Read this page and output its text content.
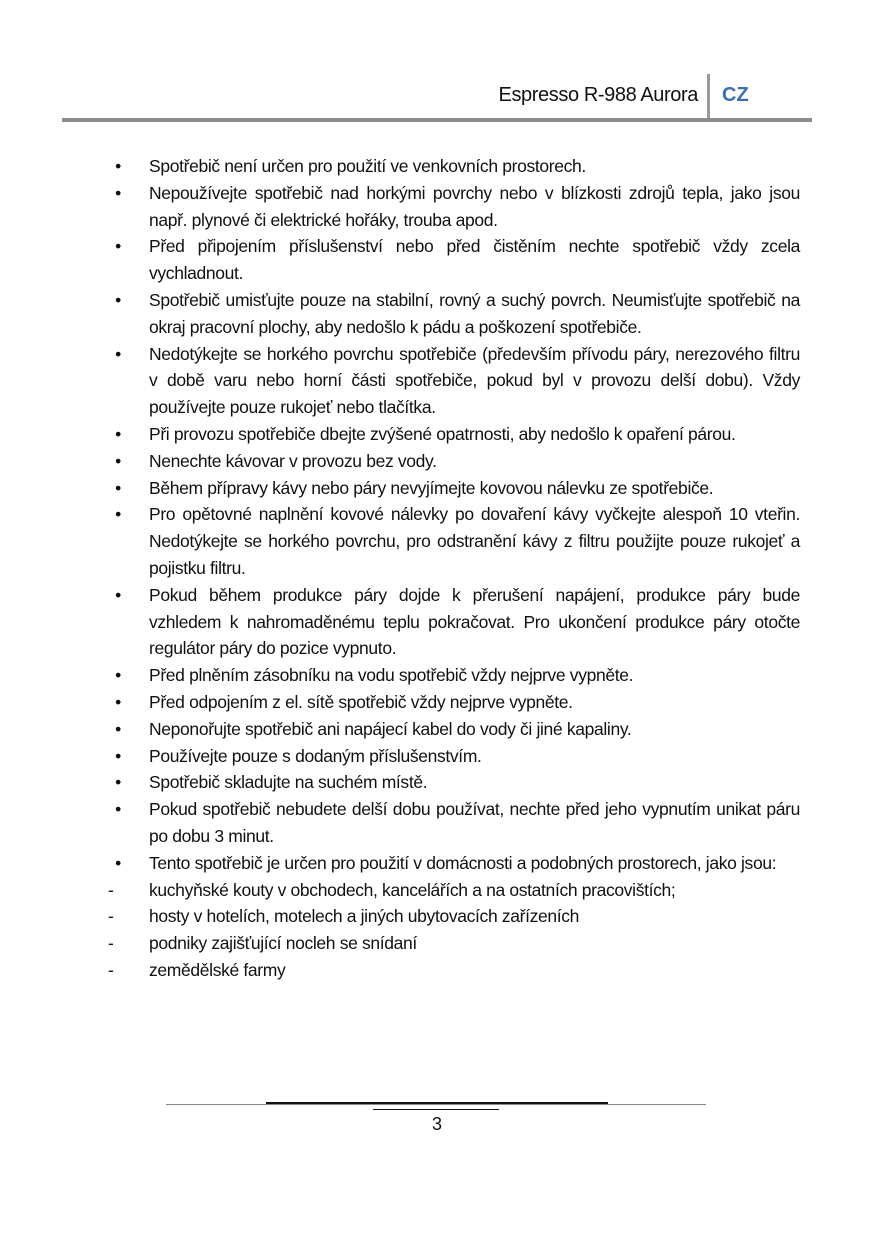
Espresso R-988 Aurora CZ
•	Spotřebič není určen pro použití ve venkovních prostorech.
•	Nepoužívejte spotřebič nad horkými povrchy nebo v blízkosti zdrojů tepla, jako jsou např. plynové či elektrické hořáky, trouba apod.
•	Před připojením příslušenství nebo před čistěním nechte spotřebič vždy zcela vychladnout.
•	Spotřebič umisťujte pouze na stabilní, rovný a suchý povrch. Neumisťujte spotřebič na okraj pracovní plochy, aby nedošlo k pádu a poškození spotřebiče.
•	Nedotýkejte se horkého povrchu spotřebiče (především přívodu páry, nerezového filtru v době varu nebo horní části spotřebiče, pokud byl v provozu delší dobu). Vždy používejte pouze rukojeť nebo tlačítka.
•	Při provozu spotřebiče dbejte zvýšené opatrnosti, aby nedošlo k opaření párou.
•	Nenechte kávovar v provozu bez vody.
•	Během přípravy kávy nebo páry nevyjímejte kovovou nálevku ze spotřebiče.
•	Pro opětovné naplnění kovové nálevky po dovaření kávy vyčkejte alespoň 10 vteřin. Nedotýkejte se horkého povrchu, pro odstranění kávy z filtru použijte pouze rukojeť a pojistku filtru.
•	Pokud během produkce páry dojde k přerušení napájení, produkce páry bude vzhledem k nahromaděnému teplu pokračovat. Pro ukončení produkce páry otočte regulátor páry do pozice vypnuto.
•	Před plněním zásobníku na vodu spotřebič vždy nejprve vypněte.
•	Před odpojením z el. sítě spotřebič vždy nejprve vypněte.
•	Neponořujte spotřebič ani napájecí kabel do vody či jiné kapaliny.
•	Používejte pouze s dodaným příslušenstvím.
•	Spotřebič skladujte na suchém místě.
•	Pokud spotřebič nebudete delší dobu používat, nechte před jeho vypnutím unikat páru po dobu 3 minut.
•	Tento spotřebič je určen pro použití v domácnosti a podobných prostorech, jako jsou:
-	kuchyňské kouty v obchodech, kancelářích a na ostatních pracovištích;
-	hosty v hotelích, motelech a jiných ubytovacích zařízeních
-	podniky zajišťující nocleh se snídaní
-	zemědělské farmy
3
